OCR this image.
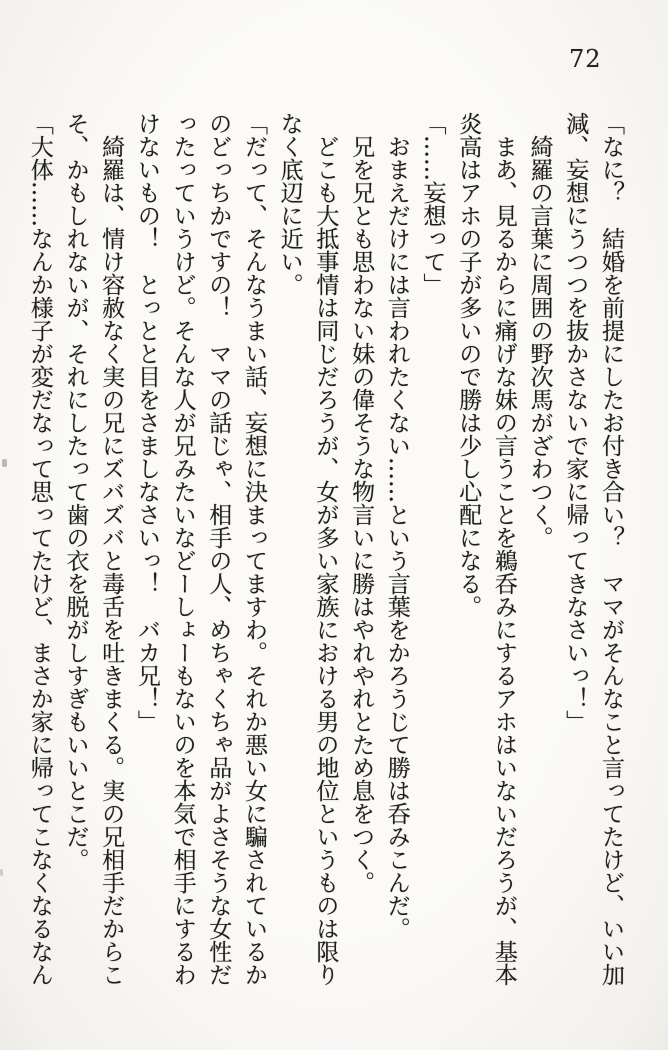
72
「なに？　結婚を前提にしたお付き合い？　ママがそんなこと言ってたけど、いい加
減、妄想にうつつを抜かさないで家に帰ってきなさいっ！」
　綺羅の言葉に周囲の野次馬がざわつく。
　まあ、見るからに痛げな妹の言うことを鵜呑みにするアホはいないだろうが、基本
炎高はアホの子が多いので勝は少し心配になる。
「……妄想って」
　おまえだけには言われたくない……という言葉をかろうじて勝は呑みこんだ。
　兄を兄とも思わない妹の偉そうな物言いに勝はやれやれとため息をつく。
　どこも大抵事情は同じだろうが、女が多い家族における男の地位というものは限り
なく底辺に近い。
「だって、そんなうまい話、妄想に決まってますわ。それか悪い女に騙されているか
のどっちかですの！　ママの話じゃ、相手の人、めちゃくちゃ品がよさそうな女性だ
ったっていうけど。そんな人が兄みたいなどーしょーもないのを本気で相手にするわ
けないもの！　とっとと目をさましなさいっ！　バカ兄！」
　綺羅は、情け容赦なく実の兄にズバズバと毒舌を吐きまくる。実の兄相手だからこ
そ、かもしれないが、それにしたって歯の衣を脱がしすぎもいいとこだ。
「大体……なんか様子が変だなって思ってたけど、まさか家に帰ってこなくなるなん
